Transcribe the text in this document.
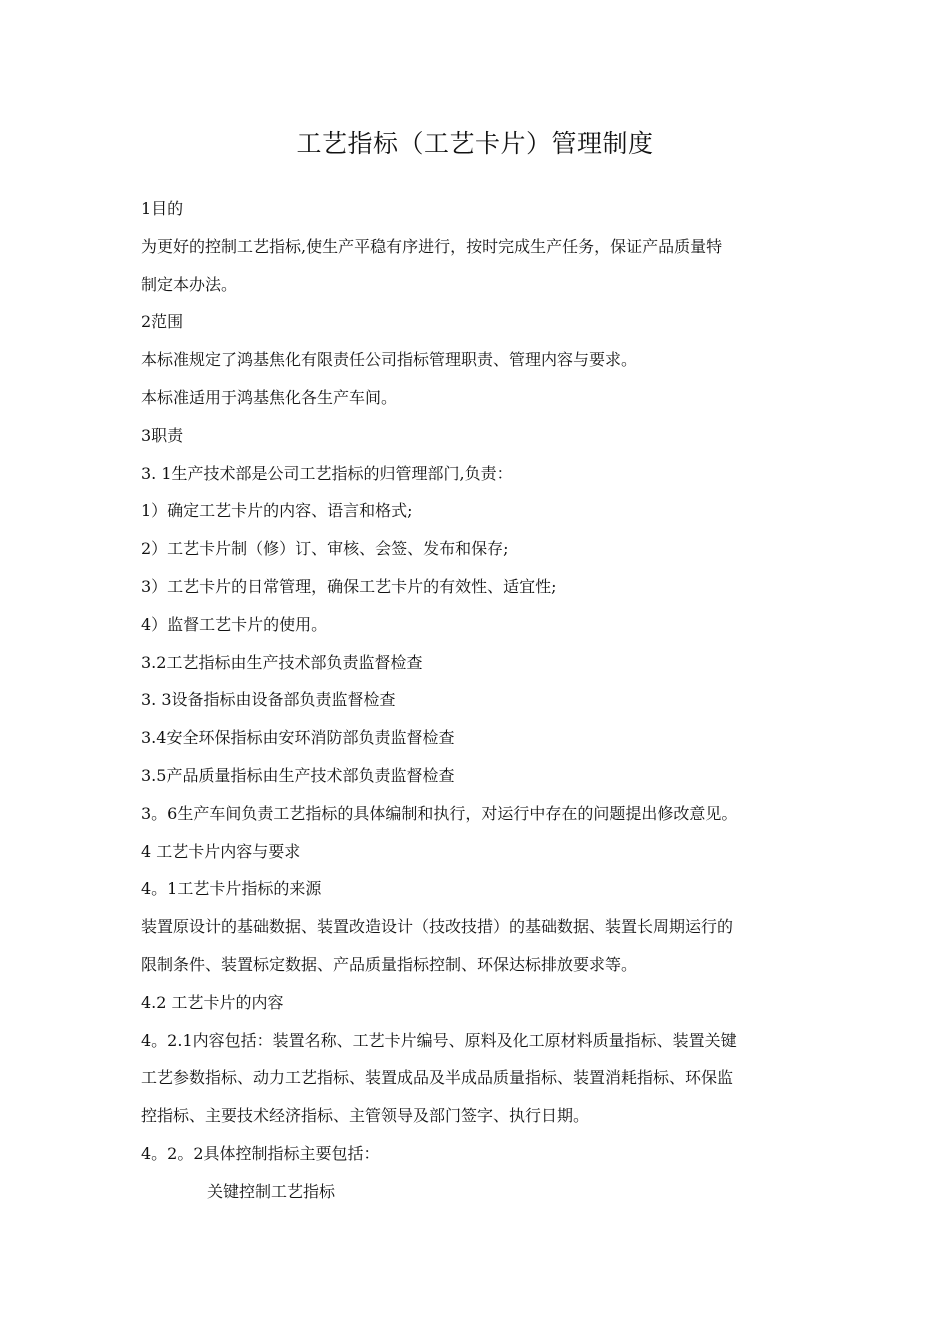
工艺指标（工艺卡片）管理制度
1目的
为更好的控制工艺指标,使生产平稳有序进行，按时完成生产任务，保证产品质量特
制定本办法。
2范围
本标准规定了鸿基焦化有限责任公司指标管理职责、管理内容与要求。
本标准适用于鸿基焦化各生产车间。
3职责
3. 1生产技术部是公司工艺指标的归管理部门,负责：
1）确定工艺卡片的内容、语言和格式;
2）工艺卡片制（修）订、审核、会签、发布和保存;
3）工艺卡片的日常管理，确保工艺卡片的有效性、适宜性;
4）监督工艺卡片的使用。
3.2工艺指标由生产技术部负责监督检查
3. 3设备指标由设备部负责监督检查
3.4安全环保指标由安环消防部负责监督检查
3.5产品质量指标由生产技术部负责监督检查
3。6生产车间负责工艺指标的具体编制和执行，对运行中存在的问题提出修改意见。
4 工艺卡片内容与要求
4。1工艺卡片指标的来源
装置原设计的基础数据、装置改造设计（技改技措）的基础数据、装置长周期运行的
限制条件、装置标定数据、产品质量指标控制、环保达标排放要求等。
4.2 工艺卡片的内容
4。2.1内容包括：装置名称、工艺卡片编号、原料及化工原材料质量指标、装置关键
工艺参数指标、动力工艺指标、装置成品及半成品质量指标、装置消耗指标、环保监
控指标、主要技术经济指标、主管领导及部门签字、执行日期。
4。2。2具体控制指标主要包括：
关键控制工艺指标
